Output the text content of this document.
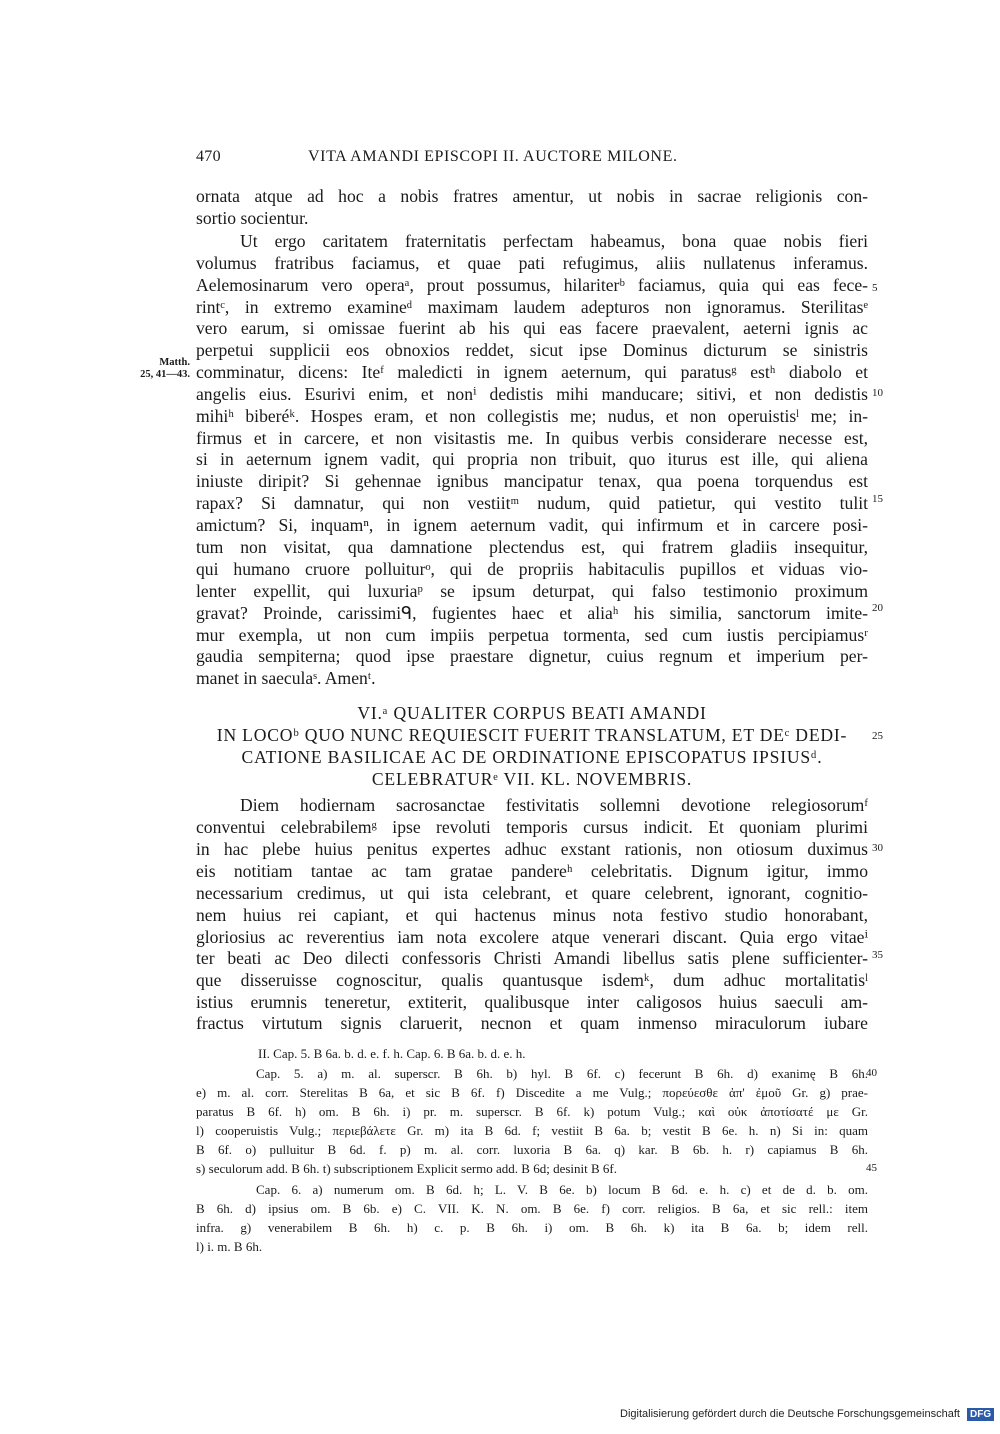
470	VITA AMANDI EPISCOPI II. AUCTORE MILONE.
ornata atque ad hoc a nobis fratres amentur, ut nobis in sacrae religionis con-
sortio socientur.
Ut ergo caritatem fraternitatis perfectam habeamus, bona quae nobis fieri
volumus fratribus faciamus, et quae pati refugimus, aliis nullatenus inferamus.
Aelemosinarum vero operaᵃ, prout possumus, hilariterᵇ faciamus, quia qui eas fece-
rintᶜ, in extremo examineᵈ maximam laudem adepturos non ignoramus. Sterilitasᵉ
vero earum, si omissae fuerint ab his qui eas facere praevalent, aeterni ignis ac
perpetui supplicii eos obnoxios reddet, sicut ipse Dominus dicturum se sinistris
comminatur, dicens: Iteᶠ maledicti in ignem aeternum, qui paratusᵍ estʰ diabolo et
angelis eius. Esurivi enim, et nonⁱ dedistis mihi manducare; sitivi, et non dedistis
mihiʰ biberéᵏ. Hospes eram, et non collegistis me; nudus, et non operuistisˡ me; in-
firmus et in carcere, et non visitastis me. In quibus verbis considerare necesse est,
si in aeternum ignem vadit, qui propria non tribuit, quo iturus est ille, qui aliena
iniuste diripit? Si gehennae ignibus mancipatur tenax, qua poena torquendus est
rapax? Si damnatur, qui non vestiitᵐ nudum, quid patietur, qui vestito tulit
amictum? Si, inquamⁿ, in ignem aeternum vadit, qui infirmum et in carcere posi-
tum non visitat, qua damnatione plectendus est, qui fratrem gladiis insequitur,
qui humano cruore polluiturᵒ, qui de propriis habitaculis pupillos et viduas vio-
lenter expellit, qui luxuriaᵖ se ipsum deturpat, qui falso testimonio proximum
gravat? Proinde, carissimiᑫ, fugientes haec et aliaʰ his similia, sanctorum imite-
mur exempla, ut non cum impiis perpetua tormenta, sed cum iustis percipiamusʳ
gaudia sempiterna; quod ipse praestare dignetur, cuius regnum et imperium per-
manet in saeculaˢ. Amenᵗ.
VI.ᵃ QUALITER CORPUS BEATI AMANDI
IN LOCOᵇ QUO NUNC REQUIESCIT FUERIT TRANSLATUM, ET DEᶜ DEDI-
CATIONE BASILICAE AC DE ORDINATIONE EPISCOPATUS IPSIUSᵈ.
CELEBRATURᵉ VII. KL. NOVEMBRIS.
Diem hodiernam sacrosanctae festivitatis sollemni devotione relegiosorumᶠ
conventui celebrabilemᵍ ipse revoluti temporis cursus indicit. Et quoniam plurimi
in hac plebe huius penitus expertes adhuc exstant rationis, non otiosum duximus
eis notitiam tantae ac tam gratae pandereʰ celebritatis. Dignum igitur, immo
necessarium credimus, ut qui ista celebrant, et quare celebrent, ignorant, cognitio-
nem huius rei capiant, et qui hactenus minus nota festivo studio honorabant,
gloriosius ac reverentius iam nota excolere atque venerari discant. Quia ergo vitaeⁱ
ter beati ac Deo dilecti confessoris Christi Amandi libellus satis plene sufficienter-
que disseruisse cognoscitur, qualis quantusque isdemᵏ, dum adhuc mortalitatisˡ
istius erumnis teneretur, extiterit, qualibusque inter caligosos huius saeculi am-
fractus virtutum signis claruerit, necnon et quam inmenso miraculorum iubare
Matth.
25, 41—43.
5
10
15
20
25
30
35
II. Cap. 5. B 6a. b. d. e. f. h. Cap. 6. B 6a. b. d. e. h.
Cap. 5. a) m. al. superscr. B 6h. b) hyl. B 6f. c) fecerunt B 6h. d) exanimę B 6h.
e) m. al. corr. Sterelitas B 6a, et sic B 6f. f) Discedite a me Vulg.; πορεύεσθε ἀπ' ἐμοῦ Gr. g) prae-
paratus B 6f. h) om. B 6h. i) pr. m. superscr. B 6f. k) potum Vulg.; καὶ οὐκ ἀποτίσατέ με Gr.
l) cooperuistis Vulg.; περιεβάλετε Gr. m) ita B 6d. f; vestiit B 6a. b; vestit B 6e. h. n) Si in: quam
B 6f. o) pulluitur B 6d. f. p) m. al. corr. luxoria B 6a. q) kar. B 6b. h. r) capiamus B 6h.
s) seculorum add. B 6h. t) subscriptionem Explicit sermo add. B 6d; desinit B 6f.
Cap. 6. a) numerum om. B 6d. h; L. V. B 6e. b) locum B 6d. e. h. c) et de d. b. om.
B 6h. d) ipsius om. B 6b. e) C. VII. K. N. om. B 6e. f) corr. religios. B 6a, et sic rell.: item
infra. g) venerabilem B 6h. h) c. p. B 6h. i) om. B 6h. k) ita B 6a. b; idem rell.
l) i. m. B 6h.
40
45
Digitalisierung gefördert durch die Deutsche Forschungsgemeinschaft DFG
